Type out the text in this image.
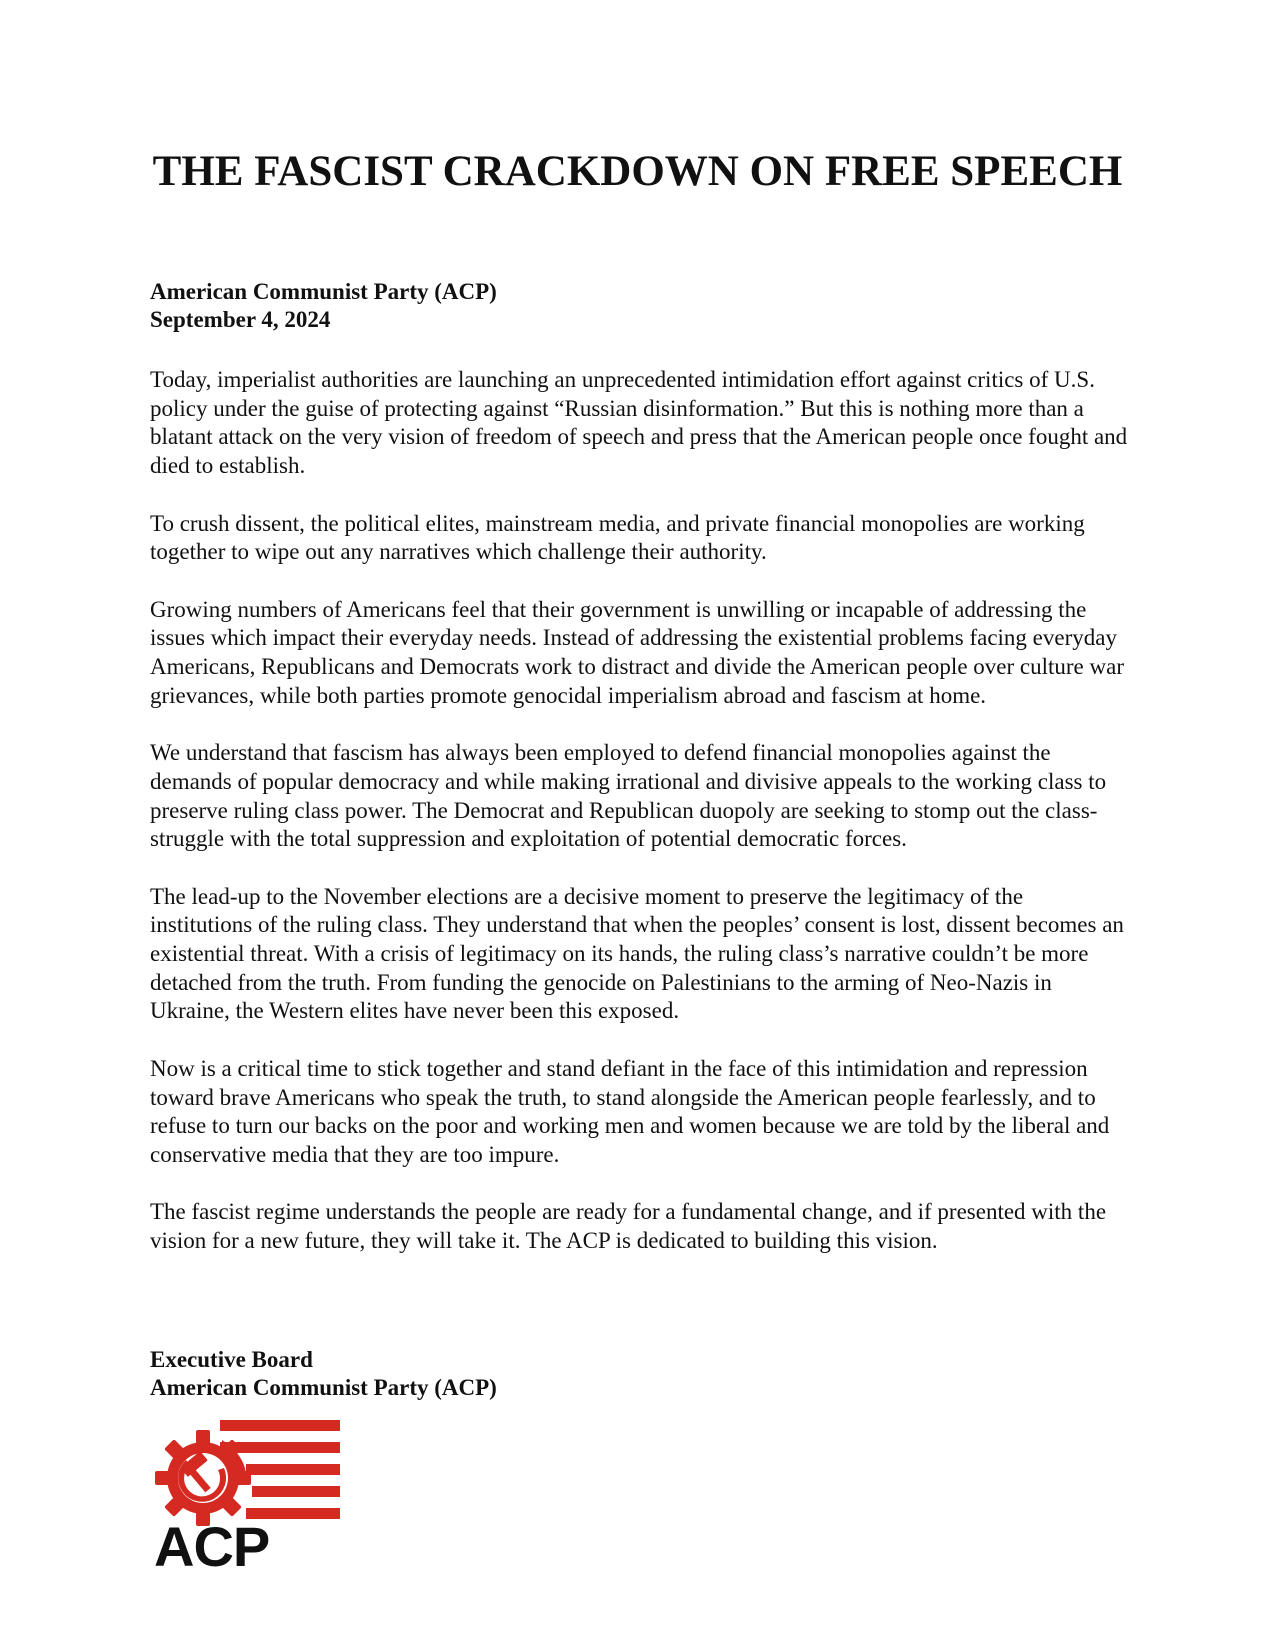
THE FASCIST CRACKDOWN ON FREE SPEECH
American Communist Party (ACP)
September 4, 2024

Today, imperialist authorities are launching an unprecedented intimidation effort against critics of U.S. policy under the guise of protecting against “Russian disinformation.” But this is nothing more than a blatant attack on the very vision of freedom of speech and press that the American people once fought and died to establish.

To crush dissent, the political elites, mainstream media, and private financial monopolies are working together to wipe out any narratives which challenge their authority.

Growing numbers of Americans feel that their government is unwilling or incapable of addressing the issues which impact their everyday needs. Instead of addressing the existential problems facing everyday Americans, Republicans and Democrats work to distract and divide the American people over culture war grievances, while both parties promote genocidal imperialism abroad and fascism at home.

We understand that fascism has always been employed to defend financial monopolies against the demands of popular democracy and while making irrational and divisive appeals to the working class to preserve ruling class power. The Democrat and Republican duopoly are seeking to stomp out the class-struggle with the total suppression and exploitation of potential democratic forces.

The lead-up to the November elections are a decisive moment to preserve the legitimacy of the institutions of the ruling class. They understand that when the peoples’ consent is lost, dissent becomes an existential threat. With a crisis of legitimacy on its hands, the ruling class’s narrative couldn’t be more detached from the truth. From funding the genocide on Palestinians to the arming of Neo-Nazis in Ukraine, the Western elites have never been this exposed.

Now is a critical time to stick together and stand defiant in the face of this intimidation and repression toward brave Americans who speak the truth, to stand alongside the American people fearlessly, and to refuse to turn our backs on the poor and working men and women because we are told by the liberal and conservative media that they are too impure.

The fascist regime understands the people are ready for a fundamental change, and if presented with the vision for a new future, they will take it. The ACP is dedicated to building this vision.

Executive Board
American Communist Party (ACP)
ACP
